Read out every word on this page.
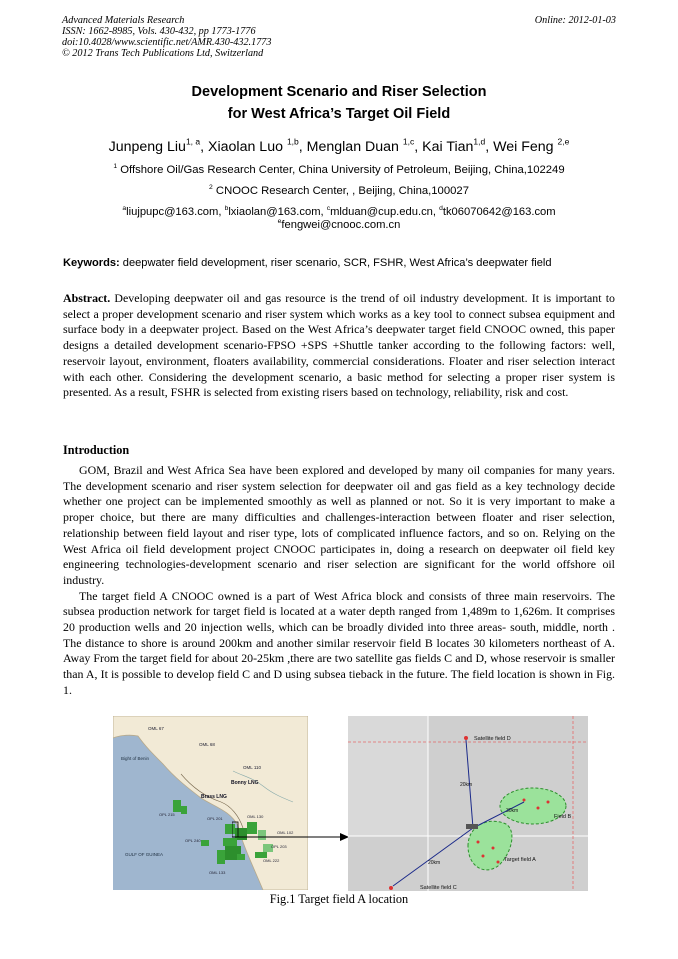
Advanced Materials Research
ISSN: 1662-8985, Vols. 430-432, pp 1773-1776
doi:10.4028/www.scientific.net/AMR.430-432.1773
© 2012 Trans Tech Publications Ltd, Switzerland
Online: 2012-01-03
Development Scenario and Riser Selection
for West Africa’s Target Oil Field
Junpeng Liu$^{1, a}$, Xiaolan Luo $^{1,b}$, Menglan Duan $^{1,c}$, Kai Tian$^{1,d}$, Wei Feng $^{2,e}$
$^1$ Offshore Oil/Gas Research Center, China University of Petroleum, Beijing, China,102249
$^2$ CNOOC Research Center, , Beijing, China,100027
$^a$liujpupc@163.com, $^b$lxiaolan@163.com, $^c$mlduan@cup.edu.cn, $^d$tk06070642@163.com
$^e$fengwei@cnooc.com.cn
Keywords: deepwater field development, riser scenario, SCR, FSHR, West Africa’s deepwater field

Abstract. Developing deepwater oil and gas resource is the trend of oil industry development. It is important to select a proper development scenario and riser system which works as a key tool to connect subsea equipment and surface body in a deepwater project. Based on the West Africa’s deepwater target field CNOOC owned, this paper designs a detailed development scenario-FPSO +SPS +Shuttle tanker according to the following factors: well, reservoir layout, environment, floaters availability, commercial considerations. Floater and riser selection interact with each other. Considering the development scenario, a basic method for selecting a proper riser system is presented. As a result, FSHR is selected from existing risers based on technology, reliability, risk and cost.

Introduction

GOM, Brazil and West Africa Sea have been explored and developed by many oil companies for many years. The development scenario and riser system selection for deepwater oil and gas field as a key technology decide whether one project can be implemented smoothly as well as planned or not. So it is very important to make a proper choice, but there are many difficulties and challenges-interaction between floater and riser selection, relationship between field layout and riser type, lots of complicated influence factors, and so on. Relying on the West Africa oil field development project CNOOC participates in, doing a research on deepwater oil field key engineering technologies-development scenario and riser selection are significant for the world offshore oil industry.

The target field A CNOOC owned is a part of West Africa block and consists of three main reservoirs. The subsea production network for target field is located at a water depth ranged from 1,489m to 1,626m. It comprises 20 production wells and 20 injection wells, which can be broadly divided into three areas- south, middle, north . The distance to shore is around 200km and another similar reservoir field B locates 30 kilometers northeast of A. Away From the target field for about 20-25km ,there are two satellite gas fields C and D, whose reservoir is smaller than A, It is possible to develop field C and D using subsea tieback in the future. The field location is shown in Fig. 1.

OML 67
OML 68
OML 110
Bonny LNG
Brass LNG
Bight of Benin
GULF OF GUINEA
OPL 215
OPL 201	OML 130
OML 102
OPL 240
OML 222
OPL 203
OML 133
Satellite field D
Field B
Target field A
Satellite field C
20km
30km
20km
Fig.1 Target field A location
